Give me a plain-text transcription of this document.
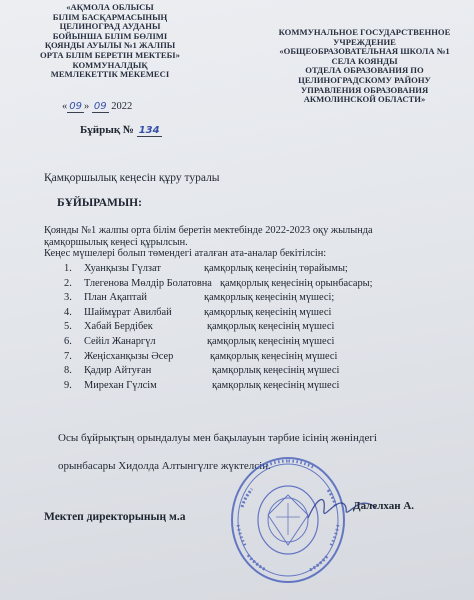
«АҚМОЛА ОБЛЫСЫ
БІЛІМ БАСҚАРМАСЫНЫҢ
ЦЕЛИНОГРАД АУДАНЫ
БОЙЫНША БІЛІМ БӨЛІМІ
ҚОЯНДЫ АУЫЛЫ №1 ЖАЛПЫ
ОРТА БІЛІМ БЕРЕТІН МЕКТЕБІ»
КОММУНАЛДЫҚ
МЕМЛЕКЕТТІК МЕКЕМЕСІ
КОММУНАЛЬНОЕ ГОСУДАРСТВЕННОЕ
УЧРЕЖДЕНИЕ
«ОБЩЕОБРАЗОВАТЕЛЬНАЯ ШКОЛА №1
СЕЛА КОЯНДЫ
ОТДЕЛА ОБРАЗОВАНИЯ ПО
ЦЕЛИНОГРАДСКОМУ РАЙОНУ
УПРАВЛЕНИЯ ОБРАЗОВАНИЯ
АКМОЛИНСКОЙ ОБЛАСТИ»
« 09 » 09 2022
Бұйрық № 134
Қамқоршылық кеңесін құру туралы
БҰЙЫРАМЫН:
Қоянды №1 жалпы орта білім беретін мектебінде 2022-2023 оқу жылында
қамқоршылық кеңесі құрылсын.
Кеңес мүшелері болып төмендегі аталған ата-аналар бекітілсін:
1. Хуанқызы Гүлзат	қамқорлық кеңесінің төрайымы;
2. Тлегенова Мөлдір Болатовна қамқорлық кеңесінің орынбасары;
3. План Ақаптай	қамқорлық кеңесінің мүшесі;
4. Шаймұрат Авилбай	қамқорлық кеңесінің мүшесі
5. Хабай Бердібек	қамқорлық кеңесінің мүшесі
6. Сейіл Жанаргүл	қамқорлық кеңесінің мүшесі
7. Жеңісханқызы Әсер	қамқорлық кеңесінің мүшесі
8. Қадир Айтуған	қамқорлық кеңесінің мүшесі
9. Мирехан Гүлсім	қамқорлық кеңесінің мүшесі
Осы бұйрықтың орындалуы мен бақылауын тәрбие ісінің жөніндегі
орынбасары Хидолда Алтынгүлге жүктелсін.
Мектеп директорының м.а
Далелхан А.
